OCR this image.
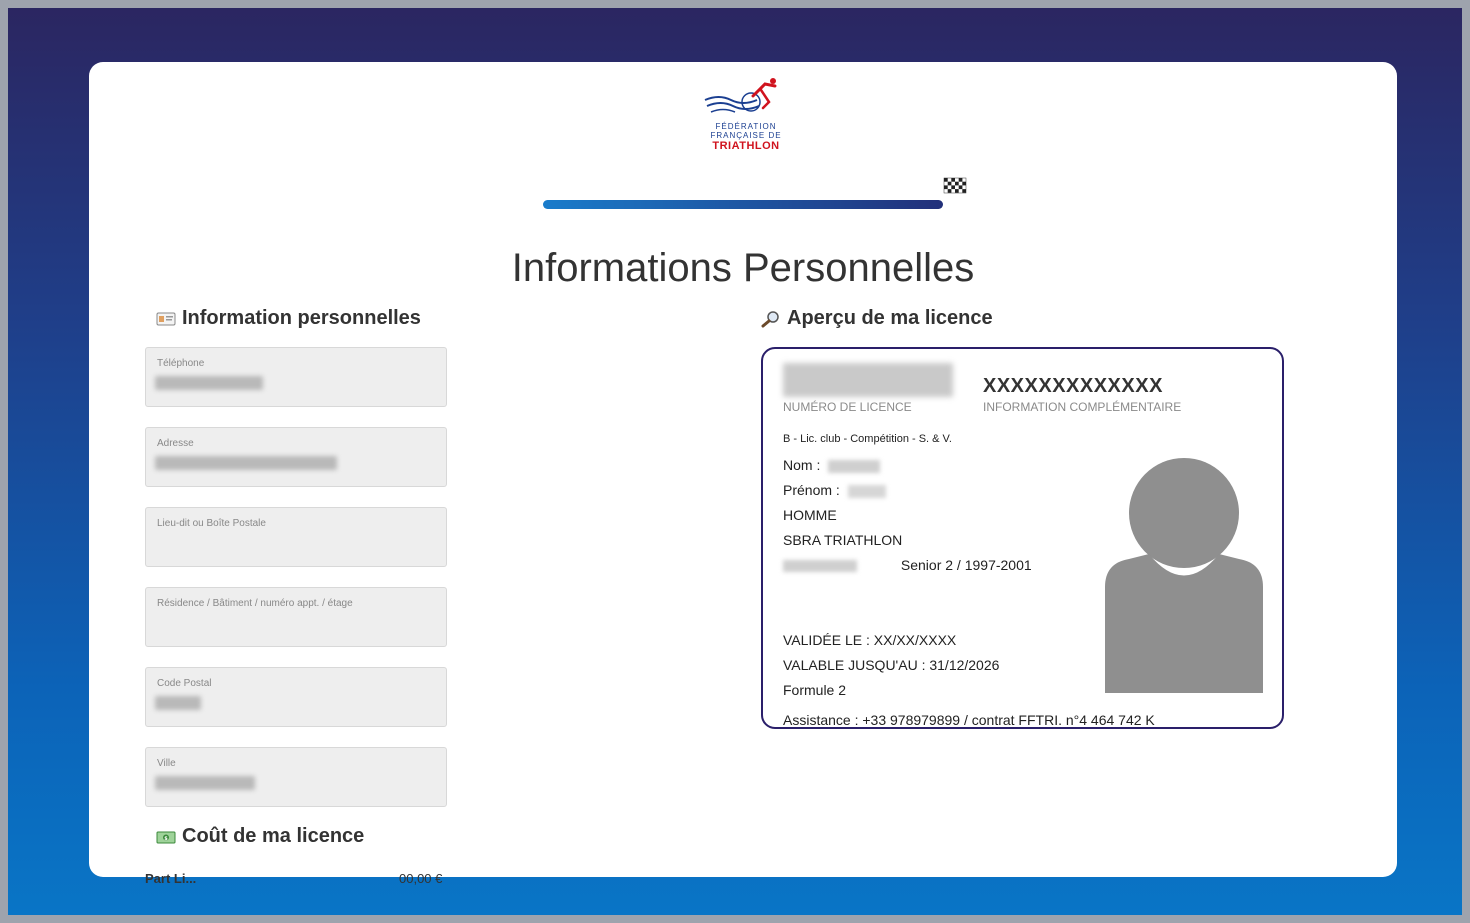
FÉDÉRATION
FRANÇAISE DE
TRIATHLON
Informations Personnelles
Information personnelles
Téléphone
Adresse
Lieu-dit ou Boîte Postale
Résidence / Bâtiment / numéro appt. / étage
Code Postal
Ville
$ Coût de ma licence
Part Li...	00,00 €
Aperçu de ma licence
NUMÉRO DE LICENCE
XXXXXXXXXXXXX
INFORMATION COMPLÉMENTAIRE
B - Lic. club - Compétition - S. & V.
Nom :
Prénom :
HOMME
SBRA TRIATHLON
Senior 2 / 1997-2001
VALIDÉE LE : XX/XX/XXXX
VALABLE JUSQU'AU : 31/12/2026
Formule 2
Assistance : +33 978979899 / contrat FFTRI. n°4 464 742 K
